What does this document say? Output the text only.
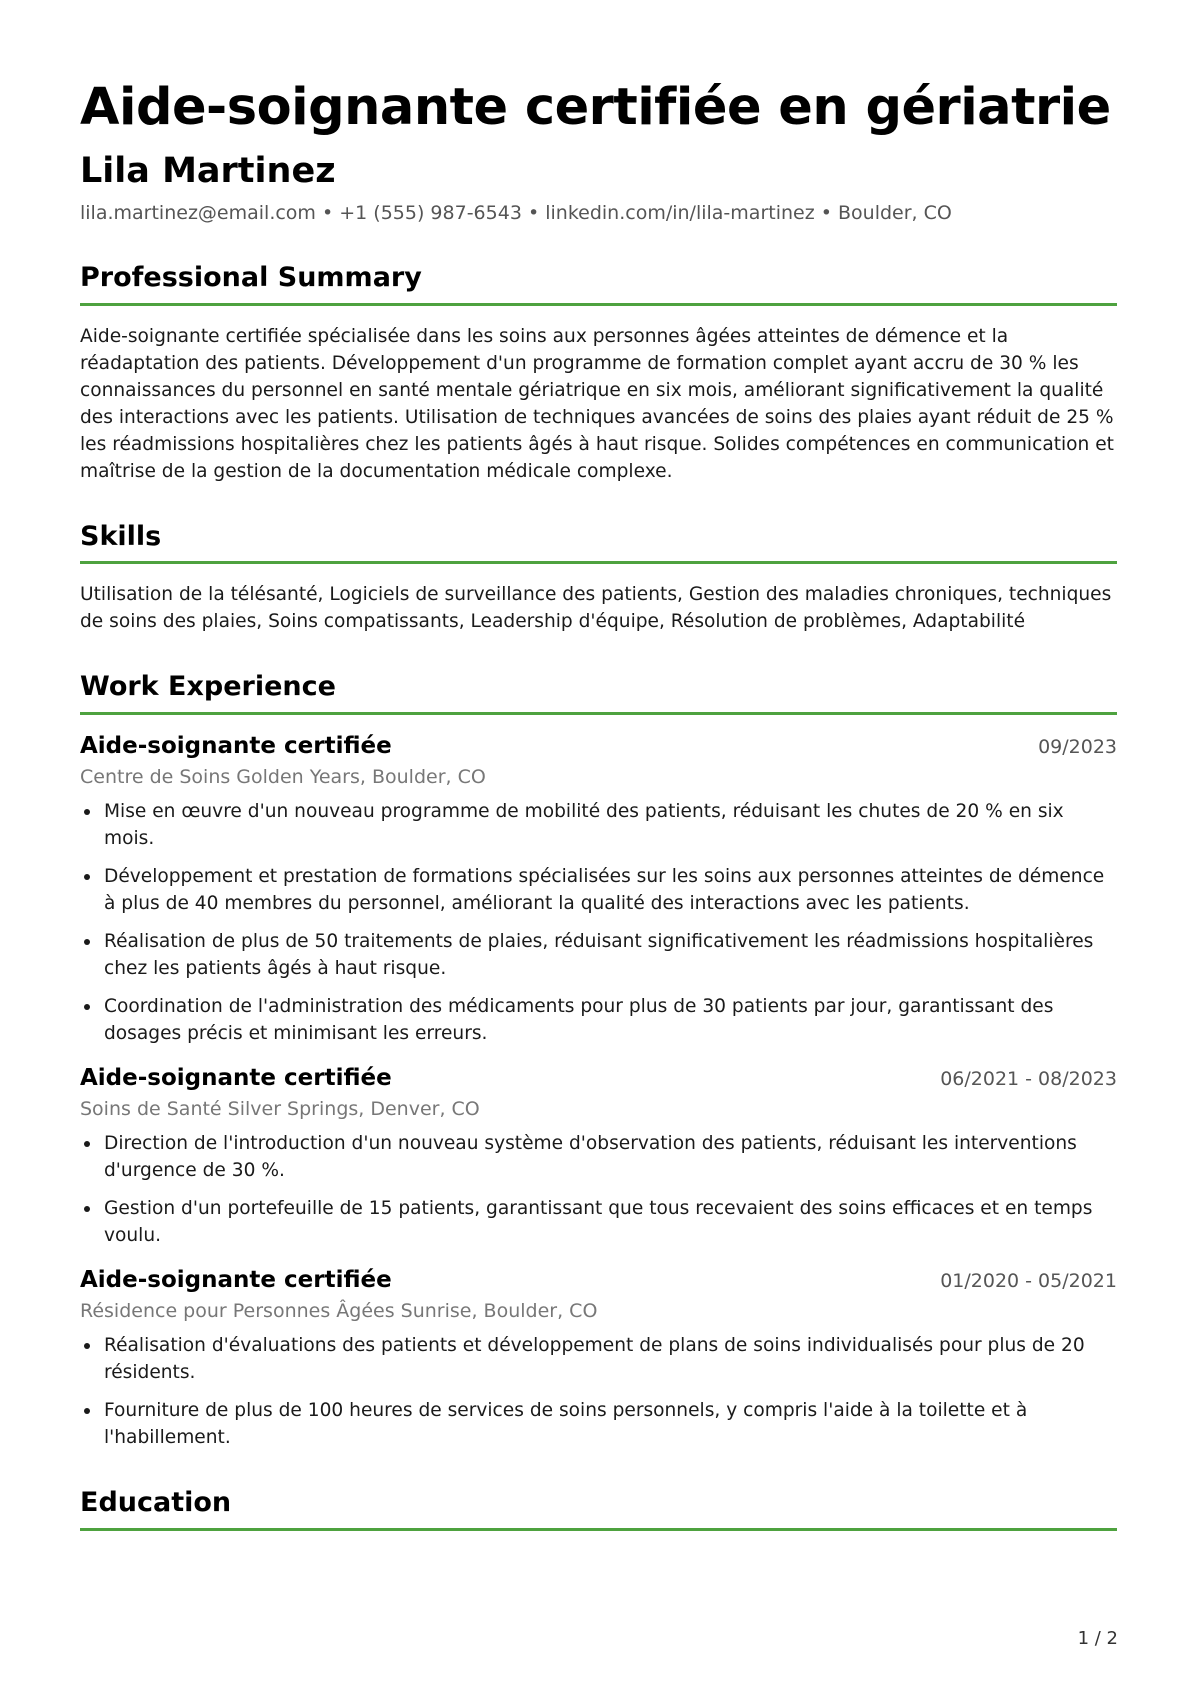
Aide-soignante certifiée en gériatrie
Lila Martinez
lila.martinez@email.com • +1 (555) 987-6543 • linkedin.com/in/lila-martinez • Boulder, CO
Professional Summary
Aide-soignante certifiée spécialisée dans les soins aux personnes âgées atteintes de démence et la réadaptation des patients. Développement d'un programme de formation complet ayant accru de 30 % les connaissances du personnel en santé mentale gériatrique en six mois, améliorant significativement la qualité des interactions avec les patients. Utilisation de techniques avancées de soins des plaies ayant réduit de 25 % les réadmissions hospitalières chez les patients âgés à haut risque. Solides compétences en communication et maîtrise de la gestion de la documentation médicale complexe.
Skills
Utilisation de la télésanté, Logiciels de surveillance des patients, Gestion des maladies chroniques, techniques de soins des plaies, Soins compatissants, Leadership d'équipe, Résolution de problèmes, Adaptabilité
Work Experience
Aide-soignante certifiée	09/2023
Centre de Soins Golden Years, Boulder, CO
Mise en œuvre d'un nouveau programme de mobilité des patients, réduisant les chutes de 20 % en six mois.
Développement et prestation de formations spécialisées sur les soins aux personnes atteintes de démence à plus de 40 membres du personnel, améliorant la qualité des interactions avec les patients.
Réalisation de plus de 50 traitements de plaies, réduisant significativement les réadmissions hospitalières chez les patients âgés à haut risque.
Coordination de l'administration des médicaments pour plus de 30 patients par jour, garantissant des dosages précis et minimisant les erreurs.
Aide-soignante certifiée	06/2021 - 08/2023
Soins de Santé Silver Springs, Denver, CO
Direction de l'introduction d'un nouveau système d'observation des patients, réduisant les interventions d'urgence de 30 %.
Gestion d'un portefeuille de 15 patients, garantissant que tous recevaient des soins efficaces et en temps voulu.
Aide-soignante certifiée	01/2020 - 05/2021
Résidence pour Personnes Âgées Sunrise, Boulder, CO
Réalisation d'évaluations des patients et développement de plans de soins individualisés pour plus de 20 résidents.
Fourniture de plus de 100 heures de services de soins personnels, y compris l'aide à la toilette et à l'habillement.
Education
1 / 2
